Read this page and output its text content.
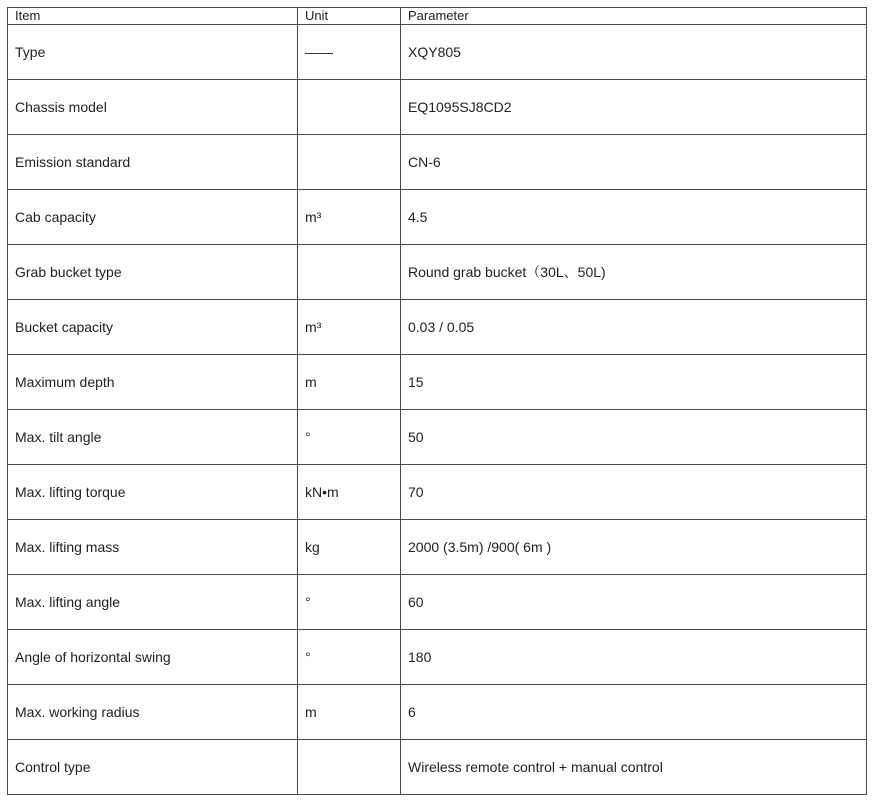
Item	Unit	Parameter
Type	——	XQY805
Chassis model		EQ1095SJ8CD2
Emission standard		CN-6
Cab capacity	m³	4.5
Grab bucket type		Round grab bucket（30L、50L)
Bucket capacity	m³	0.03 / 0.05
Maximum depth	m	15
Max. tilt angle	°	50
Max. lifting torque	kN•m	70
Max. lifting mass	kg	2000 (3.5m) /900( 6m )
Max. lifting angle	°	60
Angle of horizontal swing	°	180
Max. working radius	m	6
Control type		Wireless remote control + manual control
